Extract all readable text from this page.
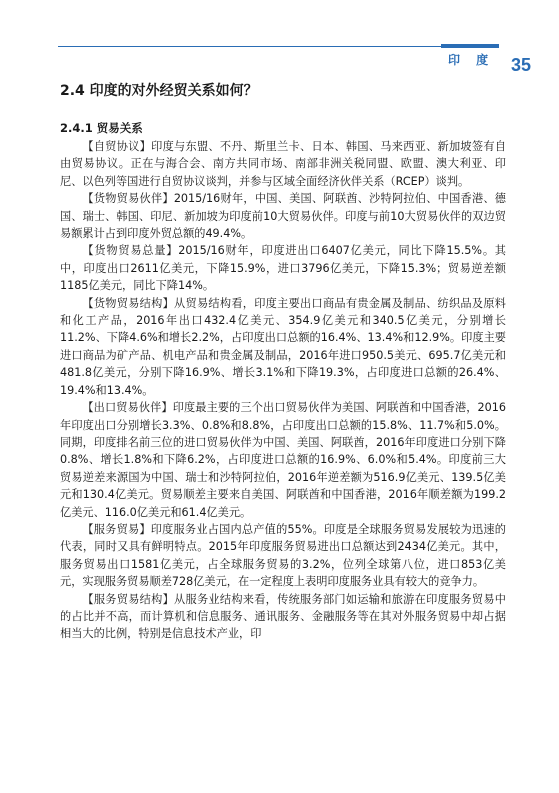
印 度 35
2.4 印度的对外经贸关系如何？
2.4.1 贸易关系

【自贸协议】印度与东盟、不丹、斯里兰卡、日本、韩国、马来西亚、新加坡签有自由贸易协议。正在与海合会、南方共同市场、南部非洲关税同盟、欧盟、澳大利亚、印尼、以色列等国进行自贸协议谈判，并参与区域全面经济伙伴关系（RCEP）谈判。

【货物贸易伙伴】2015/16财年，中国、美国、阿联酋、沙特阿拉伯、中国香港、德国、瑞士、韩国、印尼、新加坡为印度前10大贸易伙伴。印度与前10大贸易伙伴的双边贸易额累计占到印度外贸总额的49.4%。

【货物贸易总量】2015/16财年，印度进出口6407亿美元，同比下降15.5%。其中，印度出口2611亿美元，下降15.9%，进口3796亿美元，下降15.3%；贸易逆差额1185亿美元，同比下降14%。

【货物贸易结构】从贸易结构看，印度主要出口商品有贵金属及制品、纺织品及原料和化工产品，2016年出口432.4亿美元、354.9亿美元和340.5亿美元，分别增长11.2%、下降4.6%和增长2.2%，占印度出口总额的16.4%、13.4%和12.9%。印度主要进口商品为矿产品、机电产品和贵金属及制品，2016年进口950.5美元、695.7亿美元和481.8亿美元，分别下降16.9%、增长3.1%和下降19.3%，占印度进口总额的26.4%、19.4%和13.4%。

【出口贸易伙伴】印度最主要的三个出口贸易伙伴为美国、阿联酋和中国香港，2016年印度出口分别增长3.3%、0.8%和8.8%，占印度出口总额的15.8%、11.7%和5.0%。同期，印度排名前三位的进口贸易伙伴为中国、美国、阿联酋，2016年印度进口分别下降0.8%、增长1.8%和下降6.2%，占印度进口总额的16.9%、6.0%和5.4%。印度前三大贸易逆差来源国为中国、瑞士和沙特阿拉伯，2016年逆差额为516.9亿美元、139.5亿美元和130.4亿美元。贸易顺差主要来自美国、阿联酋和中国香港，2016年顺差额为199.2亿美元、116.0亿美元和61.4亿美元。

【服务贸易】印度服务业占国内总产值的55%。印度是全球服务贸易发展较为迅速的代表，同时又具有鲜明特点。2015年印度服务贸易进出口总额达到2434亿美元。其中，服务贸易出口1581亿美元，占全球服务贸易的3.2%，位列全球第八位，进口853亿美元，实现服务贸易顺差728亿美元，在一定程度上表明印度服务业具有较大的竞争力。

【服务贸易结构】从服务业结构来看，传统服务部门如运输和旅游在印度服务贸易中的占比并不高，而计算机和信息服务、通讯服务、金融服务等在其对外服务贸易中却占据相当大的比例，特别是信息技术产业，印
